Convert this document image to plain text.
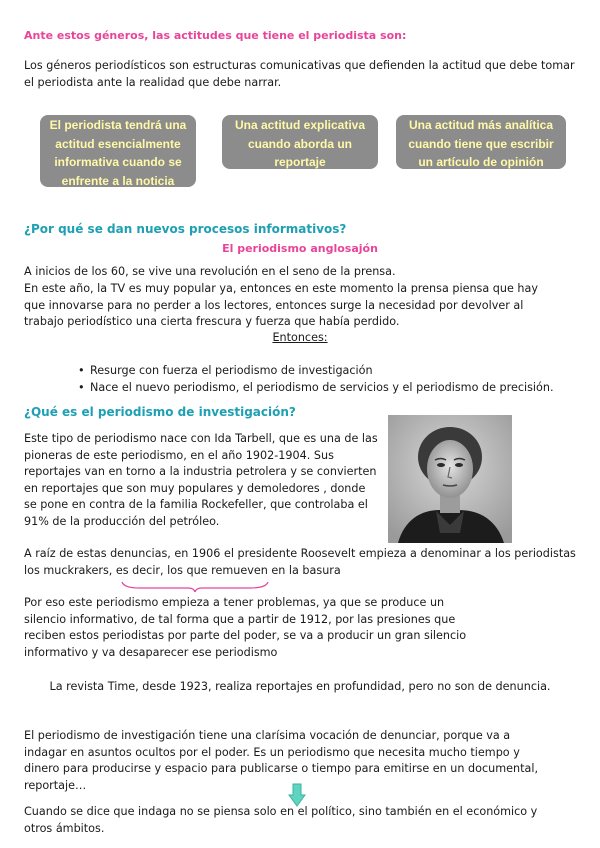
Ante estos géneros, las actitudes que tiene el periodista son:
Los géneros periodísticos son estructuras comunicativas que defienden la actitud que debe tomar el periodista ante la realidad que debe narrar.
El periodista tendrá una actitud esencialmente informativa cuando se enfrente a la noticia
Una actitud explicativa cuando aborda un reportaje
Una actitud más analítica cuando tiene que escribir un artículo de opinión
¿Por qué se dan nuevos procesos informativos?
El periodismo anglosajón
A inicios de los 60, se vive una revolución en el seno de la prensa.
En este año, la TV es muy popular ya, entonces en este momento la prensa piensa que hay que innovarse para no perder a los lectores, entonces surge la necesidad por devolver al trabajo periodístico una cierta frescura y fuerza que había perdido.
Entonces:
• Resurge con fuerza el periodismo de investigación
• Nace el nuevo periodismo, el periodismo de servicios y el periodismo de precisión.
¿Qué es el periodismo de investigación?
Este tipo de periodismo nace con Ida Tarbell, que es una de las pioneras de este periodismo, en el año 1902-1904. Sus reportajes van en torno a la industria petrolera y se convierten en reportajes que son muy populares y demoledores , donde se pone en contra de la familia Rockefeller, que controlaba el 91% de la producción del petróleo.
A raíz de estas denuncias, en 1906 el presidente Roosevelt empieza a denominar a los periodistas los muckrakers, es decir, los que remueven en la basura
Por eso este periodismo empieza a tener problemas, ya que se produce un silencio informativo, de tal forma que a partir de 1912, por las presiones que reciben estos periodistas por parte del poder, se va a producir un gran silencio informativo y va desaparecer ese periodismo
La revista Time, desde 1923, realiza reportajes en profundidad, pero no son de denuncia.
El periodismo de investigación tiene una clarísima vocación de denunciar, porque va a indagar en asuntos ocultos por el poder. Es un periodismo que necesita mucho tiempo y dinero para producirse y espacio para publicarse o tiempo para emitirse en un documental, reportaje…
Cuando se dice que indaga no se piensa solo en el político, sino también en el económico y otros ámbitos.
